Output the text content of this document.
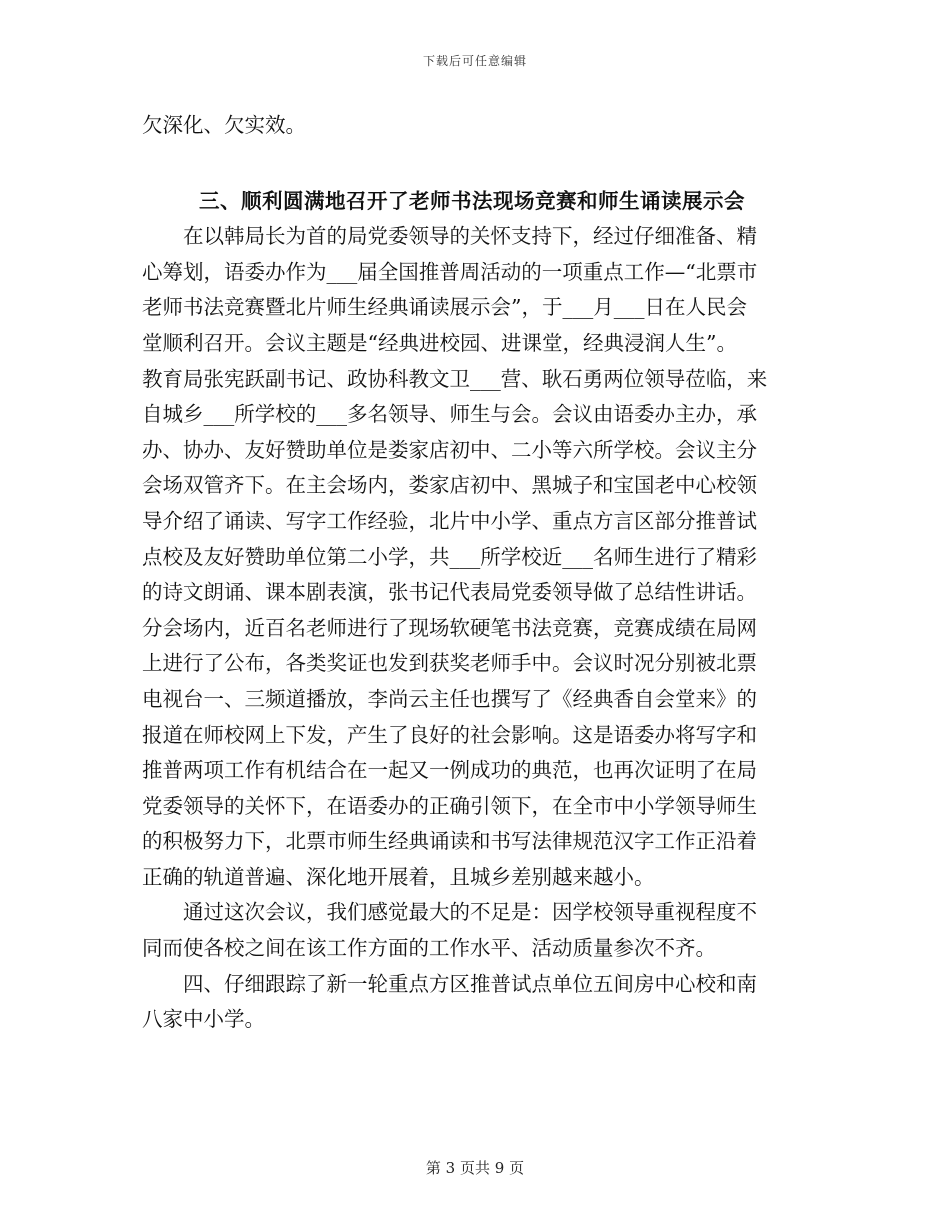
下载后可任意编辑
欠深化、欠实效。
三、顺利圆满地召开了老师书法现场竞赛和师生诵读展示会
　　在以韩局长为首的局党委领导的关怀支持下，经过仔细准备、精
心筹划，语委办作为___届全国推普周活动的一项重点工作—“北票市
老师书法竞赛暨北片师生经典诵读展示会”，于___月___日在人民会
堂顺利召开。会议主题是“经典进校园、进课堂，经典浸润人生”。
教育局张宪跃副书记、政协科教文卫___营、耿石勇两位领导莅临，来
自城乡___所学校的___多名领导、师生与会。会议由语委办主办，承
办、协办、友好赞助单位是娄家店初中、二小等六所学校。会议主分
会场双管齐下。在主会场内，娄家店初中、黑城子和宝国老中心校领
导介绍了诵读、写字工作经验，北片中小学、重点方言区部分推普试
点校及友好赞助单位第二小学，共___所学校近___名师生进行了精彩
的诗文朗诵、课本剧表演，张书记代表局党委领导做了总结性讲话。
分会场内，近百名老师进行了现场软硬笔书法竞赛，竞赛成绩在局网
上进行了公布，各类奖证也发到获奖老师手中。会议时况分别被北票
电视台一、三频道播放，李尚云主任也撰写了《经典香自会堂来》的
报道在师校网上下发，产生了良好的社会影响。这是语委办将写字和
推普两项工作有机结合在一起又一例成功的典范，也再次证明了在局
党委领导的关怀下，在语委办的正确引领下，在全市中小学领导师生
的积极努力下，北票市师生经典诵读和书写法律规范汉字工作正沿着
正确的轨道普遍、深化地开展着，且城乡差别越来越小。
　　通过这次会议，我们感觉最大的不足是：因学校领导重视程度不
同而使各校之间在该工作方面的工作水平、活动质量参次不齐。
　　四、仔细跟踪了新一轮重点方区推普试点单位五间房中心校和南
八家中小学。
第 3 页共 9 页
